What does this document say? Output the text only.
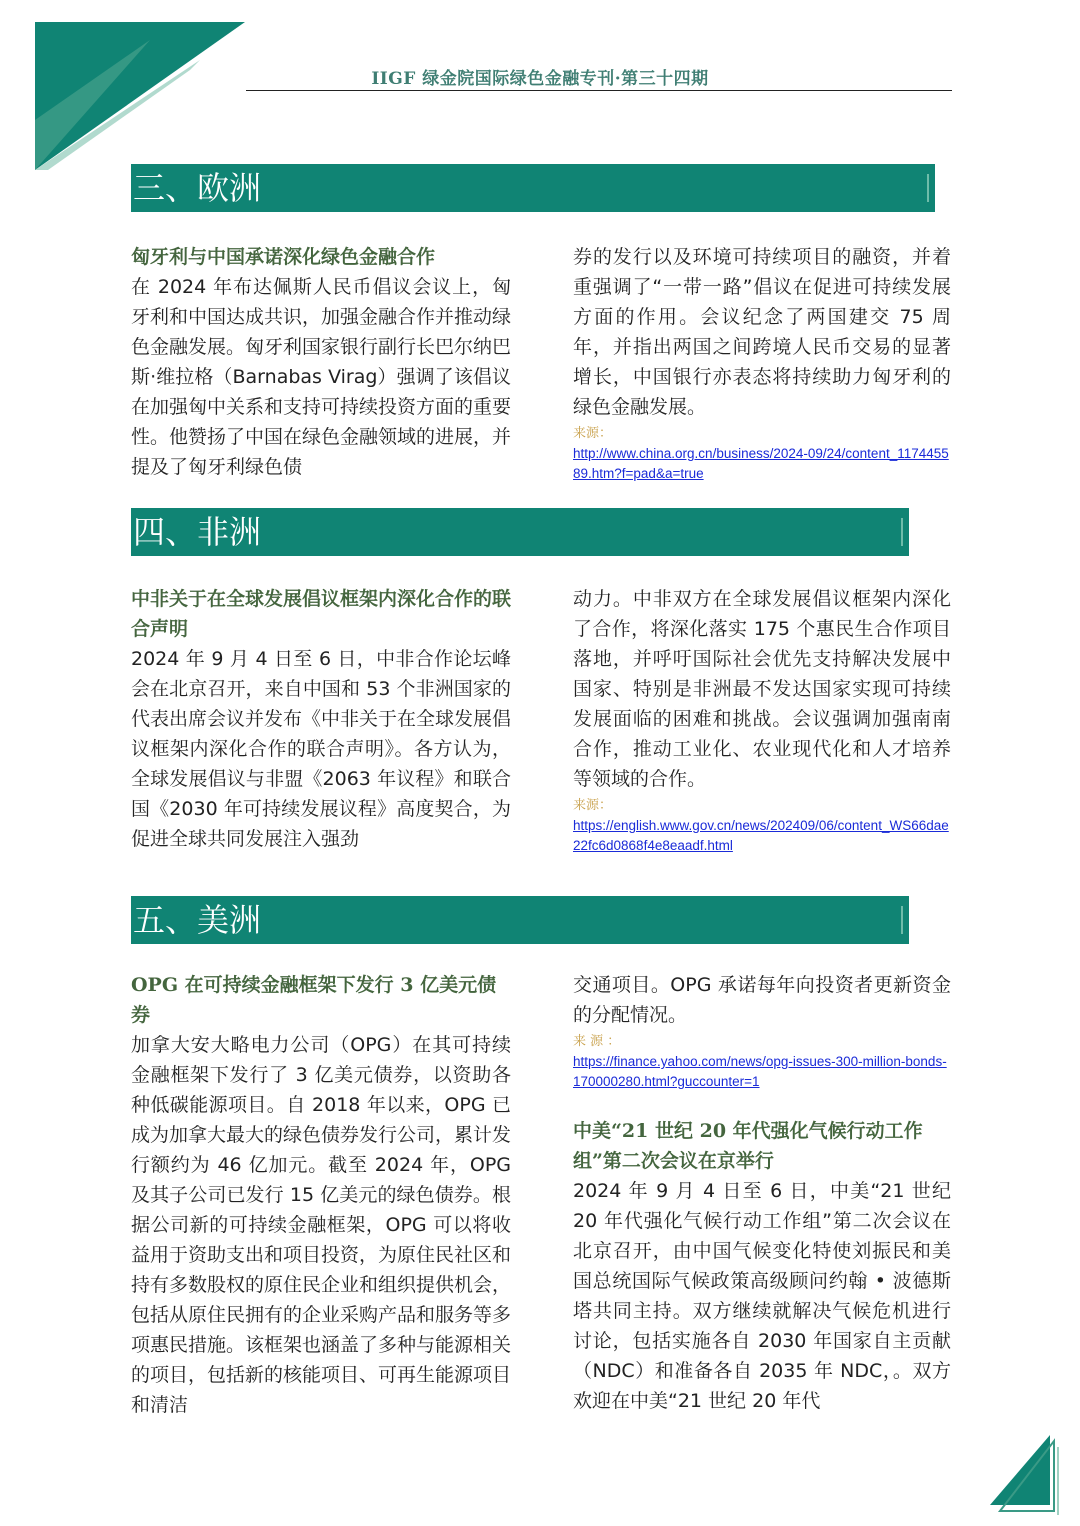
IIGF 绿金院国际绿色金融专刊·第三十四期
三、欧洲
匈牙利与中国承诺深化绿色金融合作
在 2024 年布达佩斯人民币倡议会议上，匈牙利和中国达成共识，加强金融合作并推动绿色金融发展。匈牙利国家银行副行长巴尔纳巴斯·维拉格（Barnabas Virag）强调了该倡议在加强匈中关系和支持可持续投资方面的重要性。他赞扬了中国在绿色金融领域的进展，并提及了匈牙利绿色债
券的发行以及环境可持续项目的融资，并着重强调了“一带一路”倡议在促进可持续发展方面的作用。会议纪念了两国建交 75 周年，并指出两国之间跨境人民币交易的显著增长，中国银行亦表态将持续助力匈牙利的绿色金融发展。
来源：
http://www.china.org.cn/business/2024-09/24/content_117445589.htm?f=pad&a=true
四、非洲
中非关于在全球发展倡议框架内深化合作的联合声明
2024 年 9 月 4 日至 6 日，中非合作论坛峰会在北京召开，来自中国和 53 个非洲国家的代表出席会议并发布《中非关于在全球发展倡议框架内深化合作的联合声明》。各方认为，全球发展倡议与非盟《2063 年议程》和联合国《2030 年可持续发展议程》高度契合，为促进全球共同发展注入强劲
动力。中非双方在全球发展倡议框架内深化了合作，将深化落实 175 个惠民生合作项目落地，并呼吁国际社会优先支持解决发展中国家、特别是非洲最不发达国家实现可持续发展面临的困难和挑战。会议强调加强南南合作，推动工业化、农业现代化和人才培养等领域的合作。
来源：
https://english.www.gov.cn/news/202409/06/content_WS66dae22fc6d0868f4e8eaadf.html
五、美洲
OPG 在可持续金融框架下发行 3 亿美元债券
加拿大安大略电力公司（OPG）在其可持续金融框架下发行了 3 亿美元债券，以资助各种低碳能源项目。自 2018 年以来，OPG 已成为加拿大最大的绿色债券发行公司，累计发行额约为 46 亿加元。截至 2024 年，OPG 及其子公司已发行 15 亿美元的绿色债券。根据公司新的可持续金融框架，OPG 可以将收益用于资助支出和项目投资，为原住民社区和持有多数股权的原住民企业和组织提供机会，包括从原住民拥有的企业采购产品和服务等多项惠民措施。该框架也涵盖了多种与能源相关的项目，包括新的核能项目、可再生能源项目和清洁
交通项目。OPG 承诺每年向投资者更新资金的分配情况。
来 源 ：
https://finance.yahoo.com/news/opg-issues-300-million-bonds-170000280.html?guccounter=1
中美“21 世纪 20 年代强化气候行动工作组”第二次会议在京举行
2024 年 9 月 4 日至 6 日，中美“21 世纪 20 年代强化气候行动工作组”第二次会议在北京召开，由中国气候变化特使刘振民和美国总统国际气候政策高级顾问约翰 • 波德斯塔共同主持。双方继续就解决气候危机进行讨论，包括实施各自 2030 年国家自主贡献（NDC）和准备各自 2035 年 NDC，。双方欢迎在中美“21 世纪 20 年代
